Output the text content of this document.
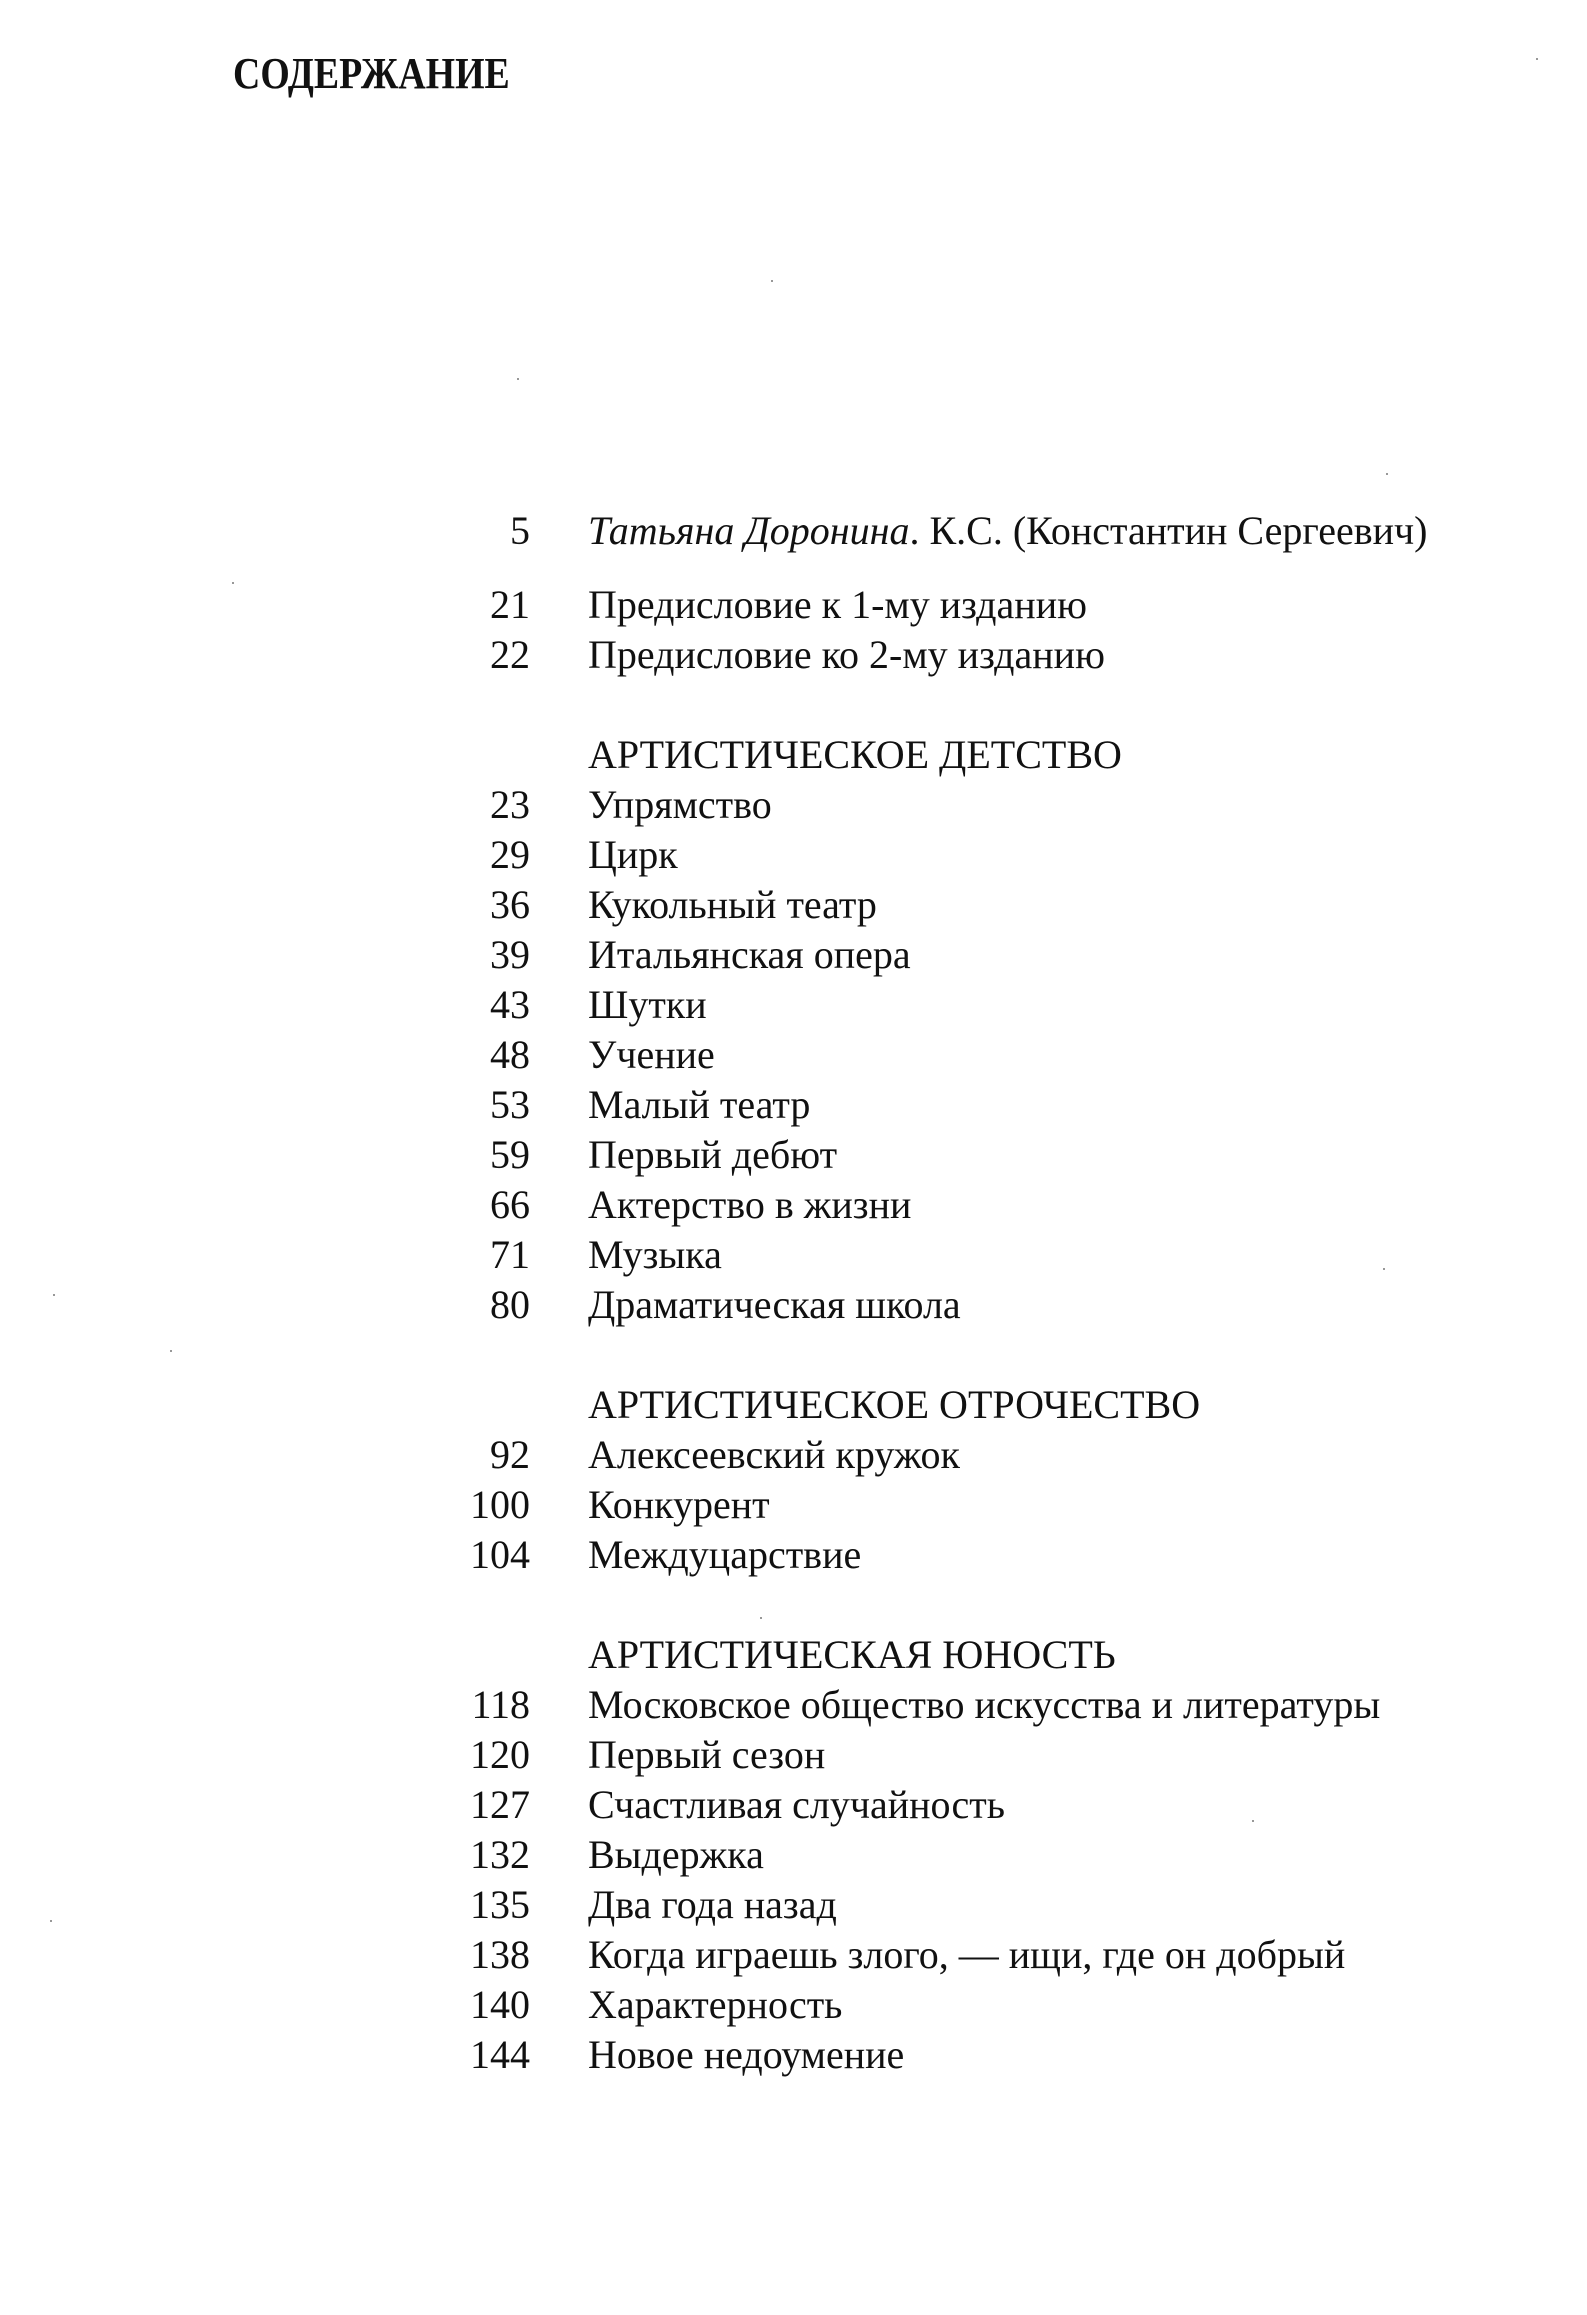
СОДЕРЖАНИЕ
5 Татьяна Доронина. К.С. (Константин Сергеевич)
21 Предисловие к 1-му изданию
22 Предисловие ко 2-му изданию
АРТИСТИЧЕСКОЕ ДЕТСТВО
23 Упрямство
29 Цирк
36 Кукольный театр
39 Итальянская опера
43 Шутки
48 Учение
53 Малый театр
59 Первый дебют
66 Актерство в жизни
71 Музыка
80 Драматическая школа
АРТИСТИЧЕСКОЕ ОТРОЧЕСТВО
92 Алексеевский кружок
100 Конкурент
104 Междуцарствие
АРТИСТИЧЕСКАЯ ЮНОСТЬ
118 Московское общество искусства и литературы
120 Первый сезон
127 Счастливая случайность
132 Выдержка
135 Два года назад
138 Когда играешь злого, — ищи, где он добрый
140 Характерность
144 Новое недоумение
